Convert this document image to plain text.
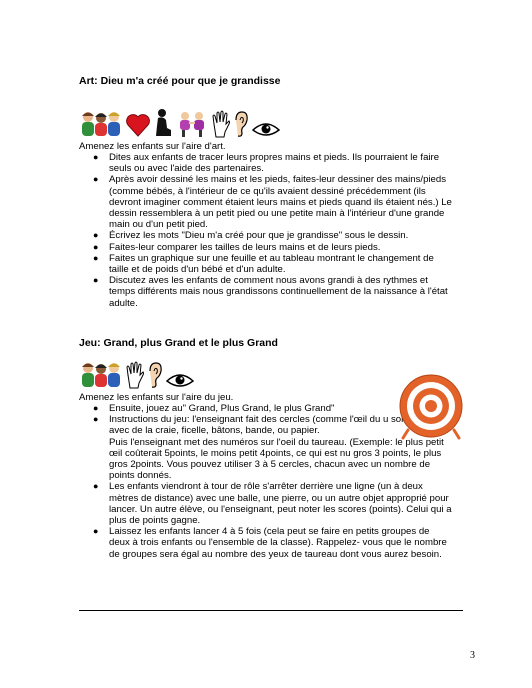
Art: Dieu m'a créé pour que je grandisse
Amenez les enfants sur l'aire d'art.
● Dites aux enfants de tracer leurs propres mains et pieds. Ils pourraient le faire
seuls ou avec l'aide des partenaires.
● Après avoir dessiné les mains et les pieds, faites-leur dessiner des mains/pieds
(comme bébés, à l'intérieur de ce qu'ils avaient dessiné précédemment (ils
devront imaginer comment étaient leurs mains et pieds quand ils étaient nés.) Le
dessin ressemblera à un petit pied ou une petite main à l'intérieur d'une grande
main ou d'un petit pied.
● Écrivez les mots "Dieu m'a créé pour que je grandisse" sous le dessin.
● Faites-leur comparer les tailles de leurs mains et de leurs pieds.
● Faites un graphique sur une feuille et au tableau montrant le changement de
taille et de poids d'un bébé et d'un adulte.
● Discutez aves les enfants de comment nous avons grandi à des rythmes et
temps différents mais nous grandissons continuellement de la naissance à l'état
adulte.
Jeu: Grand, plus Grand et le plus Grand
Amenez les enfants sur l'aire du jeu.
● Ensuite, jouez au" Grand, Plus Grand, le plus Grand"
● Instructions du jeu: l'enseignant fait des cercles (comme l'œil du u sol
avec de la craie, ficelle, bâtons, bande, ou papier.
Puis l'enseignant met des numéros sur l'oeil du taureau. (Exemple: le plus petit
œil coûterait 5points, le moins petit 4points, ce qui est nu gros 3 points, le plus
gros 2points. Vous pouvez utiliser 3 à 5 cercles, chacun avec un nombre de
points donnés.
● Les enfants viendront à tour de rôle s'arrêter derrière une ligne (un à deux
mètres de distance) avec une balle, une pierre, ou un autre objet approprié pour
lancer. Un autre élève, ou l'enseignant, peut noter les scores (points). Celui qui a
plus de points gagne.
● Laissez les enfants lancer 4 à 5 fois (cela peut se faire en petits groupes de
deux à trois enfants ou l'ensemble de la classe). Rappelez- vous que le nombre
de groupes sera égal au nombre des yeux de taureau dont vous aurez besoin.
3
